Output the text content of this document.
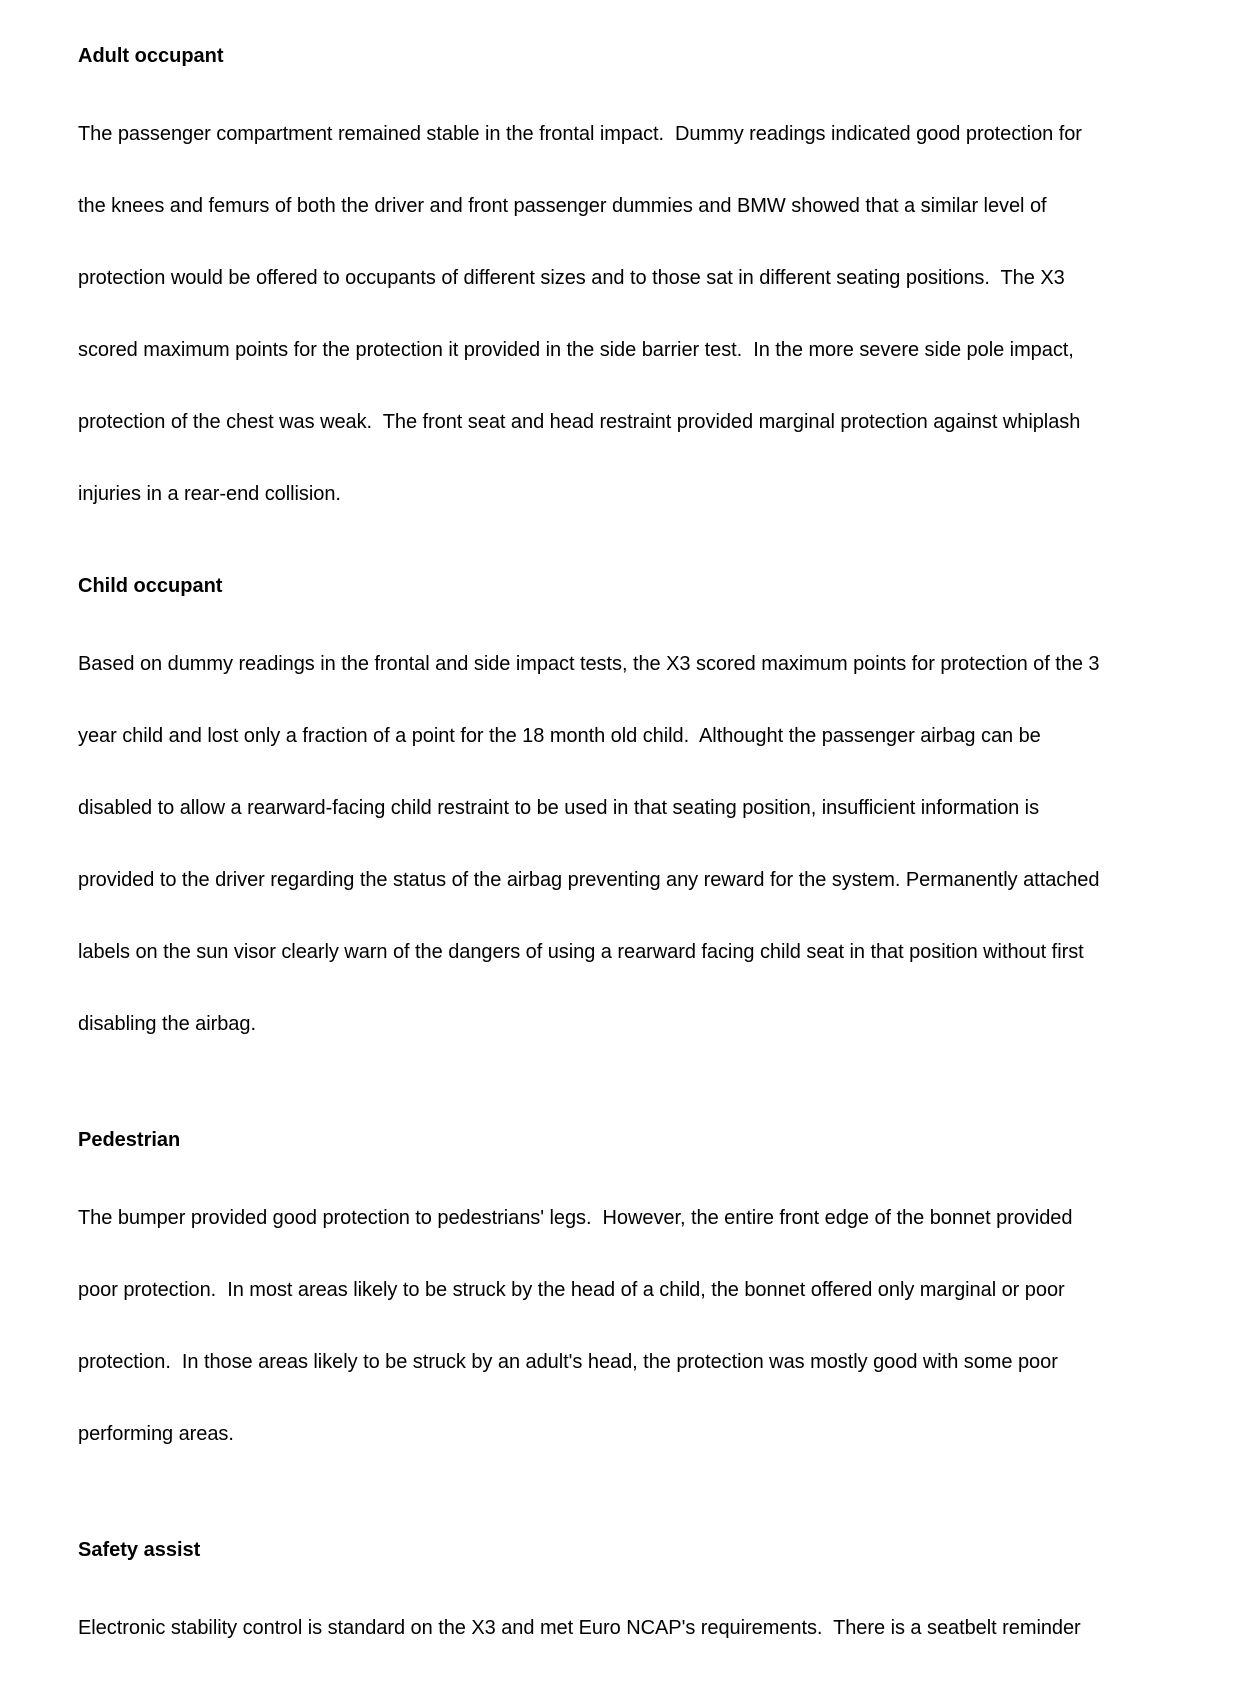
Adult occupant

The passenger compartment remained stable in the frontal impact.  Dummy readings indicated good protection for

the knees and femurs of both the driver and front passenger dummies and BMW showed that a similar level of

protection would be offered to occupants of different sizes and to those sat in different seating positions.  The X3

scored maximum points for the protection it provided in the side barrier test.  In the more severe side pole impact,

protection of the chest was weak.  The front seat and head restraint provided marginal protection against whiplash

injuries in a rear-end collision.

Child occupant

Based on dummy readings in the frontal and side impact tests, the X3 scored maximum points for protection of the 3

year child and lost only a fraction of a point for the 18 month old child.  Althought the passenger airbag can be

disabled to allow a rearward-facing child restraint to be used in that seating position, insufficient information is

provided to the driver regarding the status of the airbag preventing any reward for the system. Permanently attached

labels on the sun visor clearly warn of the dangers of using a rearward facing child seat in that position without first

disabling the airbag.

Pedestrian

The bumper provided good protection to pedestrians' legs.  However, the entire front edge of the bonnet provided

poor protection.  In most areas likely to be struck by the head of a child, the bonnet offered only marginal or poor

protection.  In those areas likely to be struck by an adult's head, the protection was mostly good with some poor

performing areas.

Safety assist

Electronic stability control is standard on the X3 and met Euro NCAP's requirements.  There is a seatbelt reminder
